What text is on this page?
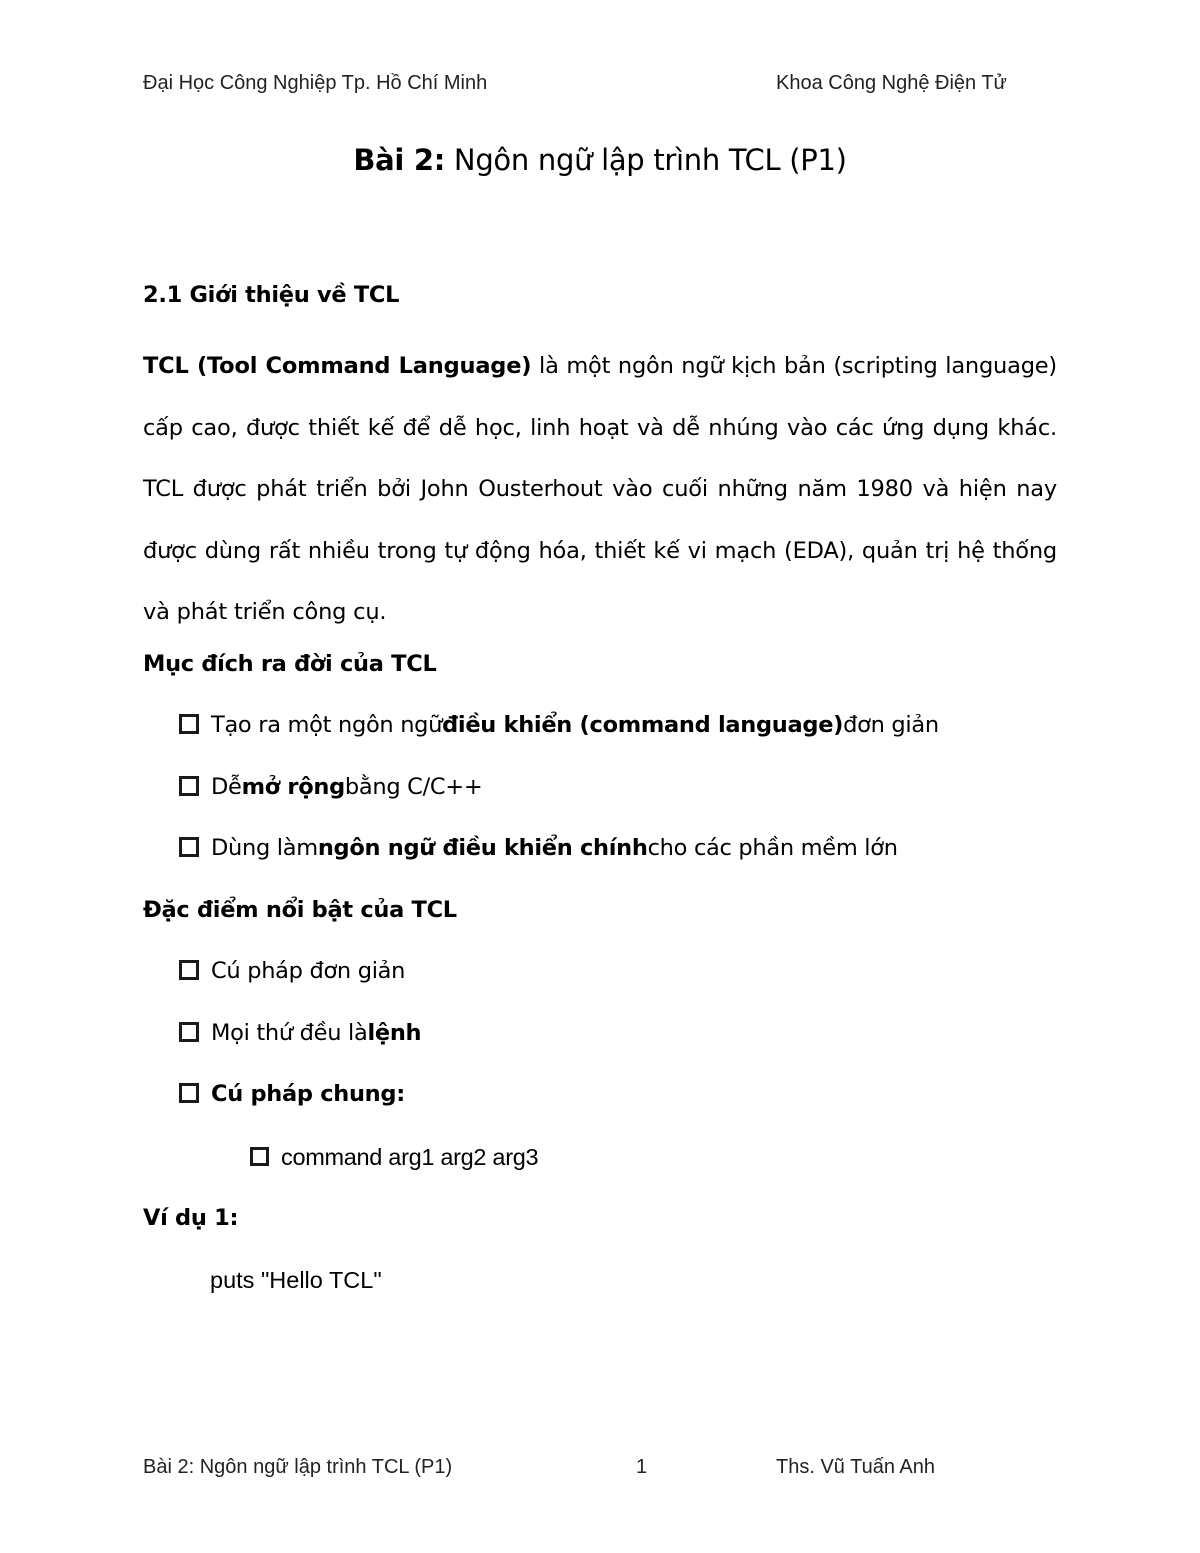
Đại Học Công Nghiệp Tp. Hồ Chí Minh	Khoa Công Nghệ Điện Tử
Bài 2: Ngôn ngữ lập trình TCL (P1)
2.1 Giới thiệu về TCL
TCL (Tool Command Language) là một ngôn ngữ kịch bản (scripting language) cấp cao, được thiết kế để dễ học, linh hoạt và dễ nhúng vào các ứng dụng khác. TCL được phát triển bởi John Ousterhout vào cuối những năm 1980 và hiện nay được dùng rất nhiều trong tự động hóa, thiết kế vi mạch (EDA), quản trị hệ thống và phát triển công cụ.
Mục đích ra đời của TCL
Tạo ra một ngôn ngữ điều khiển (command language) đơn giản
Dễ mở rộng bằng C/C++
Dùng làm ngôn ngữ điều khiển chính cho các phần mềm lớn
Đặc điểm nổi bật của TCL
Cú pháp đơn giản
Mọi thứ đều là lệnh
Cú pháp chung:
command arg1 arg2 arg3
Ví dụ 1:
puts "Hello TCL"
Bài 2: Ngôn ngữ lập trình TCL (P1)	1	Ths. Vũ Tuấn Anh
